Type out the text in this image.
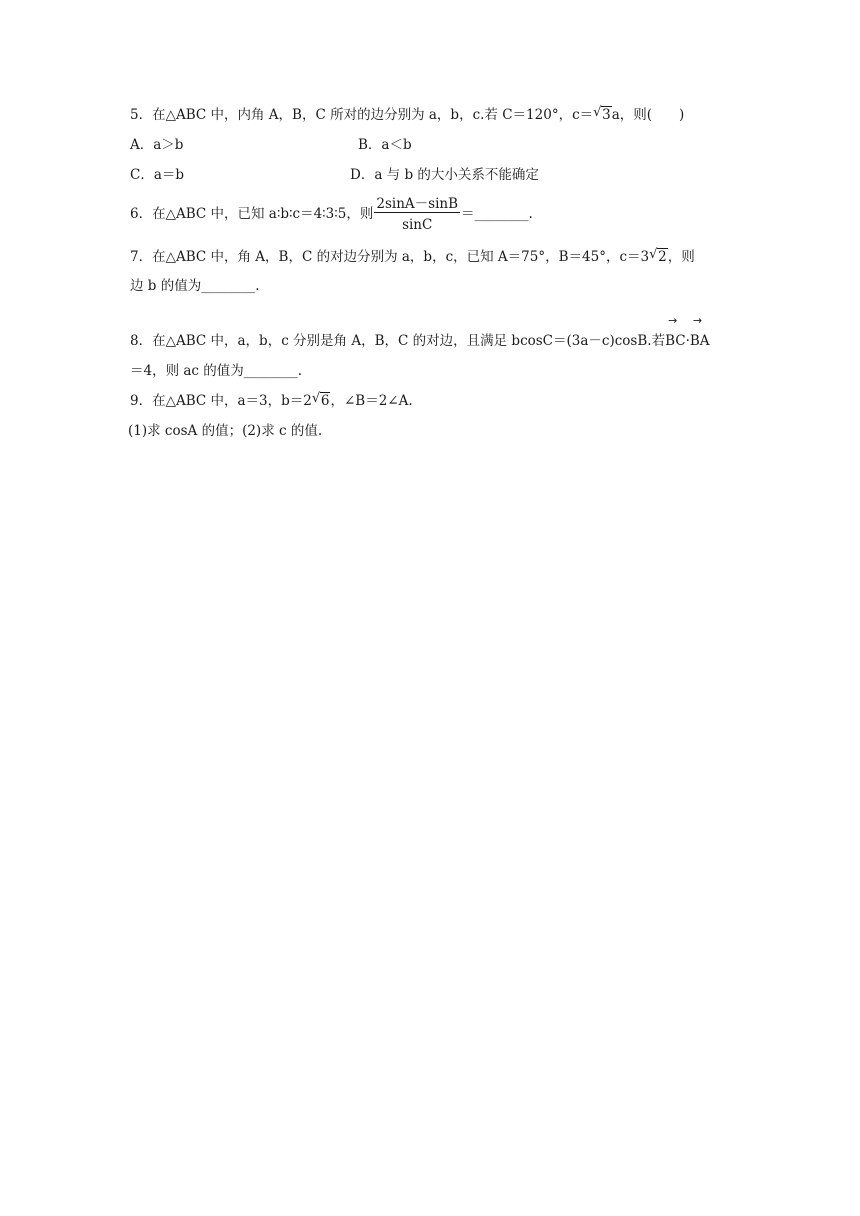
5．在△ABC 中，内角 A，B，C 所对的边分别为 a，b，c.若 C＝120°，c＝ √ 3a，则(　　)
A．a＞b	B．a＜b
C．a＝b	D．a 与 b 的大小关系不能确定
6．在△ABC 中，已知 a∶b∶c＝4∶3∶5，则 $\frac{2\sin A-\sin B}{\sin C}$ ＝________.
7．在△ABC 中，角 A，B，C 的对边分别为 a，b，c，已知 A＝75°，B＝45°，c＝3 √ 2，则
边 b 的值为________.
8．在△ABC 中，a，b，c 分别是角 A，B，C 的对边，且满足 bcosC＝(3a－c)cosB.若
→
BC·
→
BA
＝4，则 ac 的值为________.
9．在△ABC 中，a＝3，b＝2 √ 6，∠B＝2∠A.
(1)求 cosA 的值；(2)求 c 的值.
